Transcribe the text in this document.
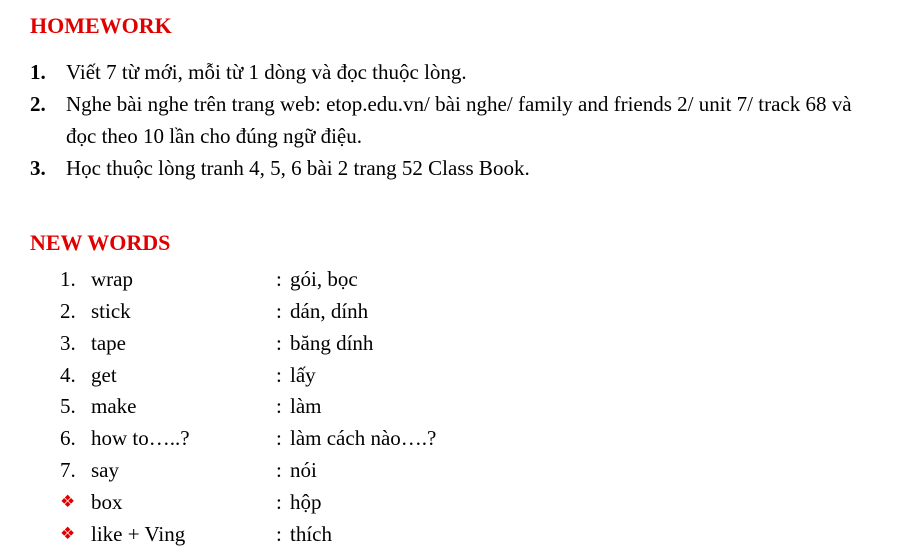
HOMEWORK
1. Viết 7 từ mới, mỗi từ 1 dòng và đọc thuộc lòng.
2. Nghe bài nghe trên trang web: etop.edu.vn/ bài nghe/ family and friends 2/ unit 7/ track 68 và đọc theo 10 lần cho đúng ngữ điệu.
3. Học thuộc lòng tranh 4, 5, 6 bài 2 trang 52 Class Book.
NEW WORDS
1. wrap	: gói, bọc
2. stick	: dán, dính
3. tape	: băng dính
4. get	: lấy
5. make	: làm
6. how to…..?	: làm cách nào….?
7. say	: nói
❖ box	: hộp
❖ like + Ving	: thích
